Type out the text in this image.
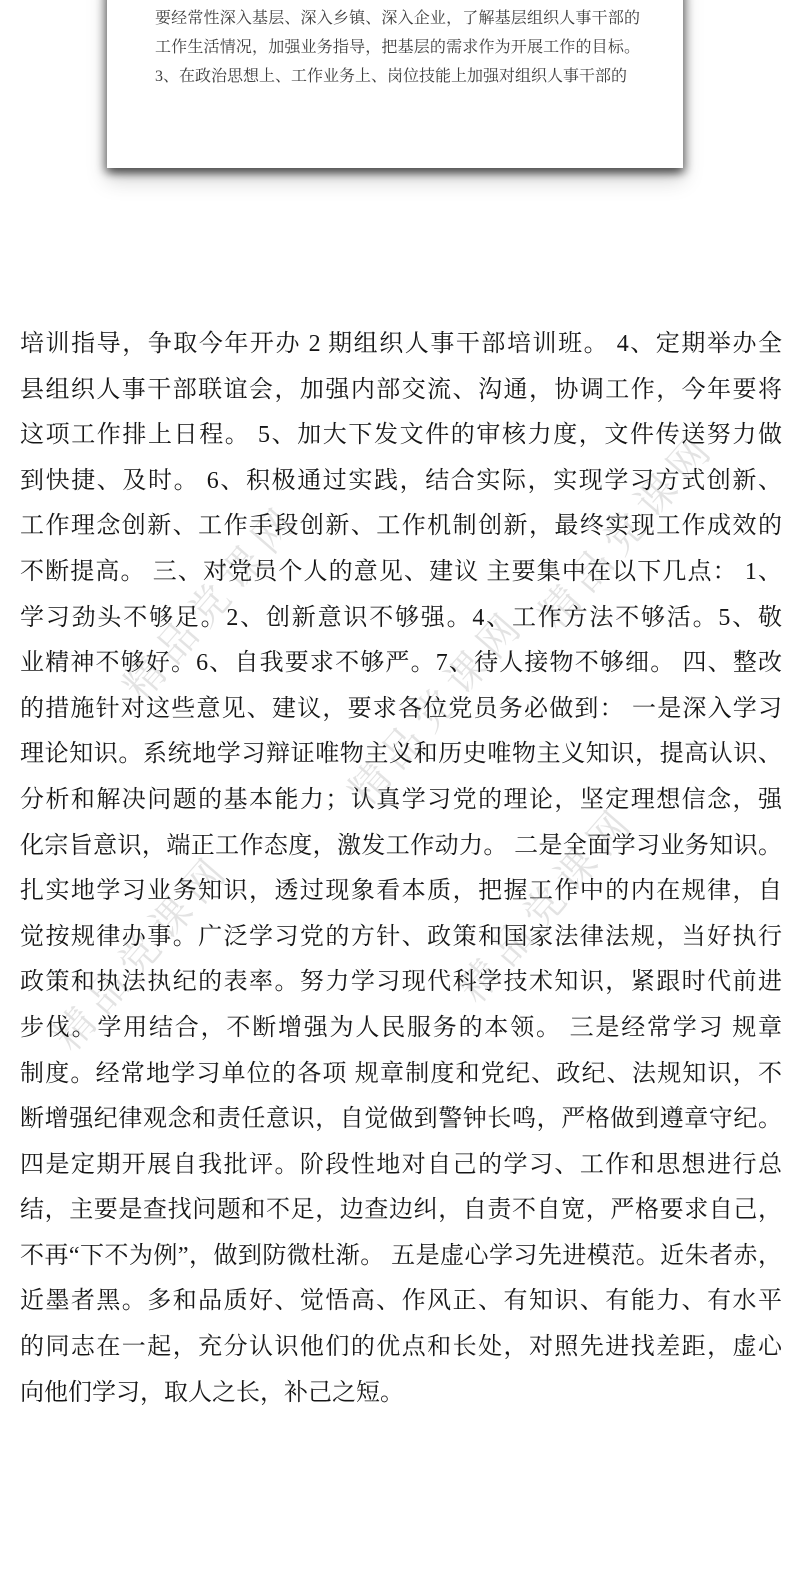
精品党课网 精品党课网
精品党课网
精品党课网	精品党课网
要经常性深入基层、深入乡镇、深入企业，了解基层组织人事干部的
工作生活情况，加强业务指导，把基层的需求作为开展工作的目标。
3、在政治思想上、工作业务上、岗位技能上加强对组织人事干部的
培训指导，争取今年开办 2 期组织人事干部培训班。 4、定期举办全
县组织人事干部联谊会，加强内部交流、沟通，协调工作，今年要将
这项工作排上日程。 5、加大下发文件的审核力度，文件传送努力做
到快捷、及时。 6、积极通过实践，结合实际，实现学习方式创新、
工作理念创新、工作手段创新、工作机制创新，最终实现工作成效的
不断提高。 三、对党员个人的意见、建议 主要集中在以下几点： 1、
学习劲头不够足。2、创新意识不够强。4、工作方法不够活。5、敬
业精神不够好。6、自我要求不够严。7、待人接物不够细。 四、整改
的措施针对这些意见、建议，要求各位党员务必做到： 一是深入学习
理论知识。系统地学习辩证唯物主义和历史唯物主义知识，提高认识、
分析和解决问题的基本能力；认真学习党的理论，坚定理想信念，强
化宗旨意识，端正工作态度，激发工作动力。 二是全面学习业务知识。
扎实地学习业务知识，透过现象看本质，把握工作中的内在规律，自
觉按规律办事。广泛学习党的方针、政策和国家法律法规，当好执行
政策和执法执纪的表率。努力学习现代科学技术知识，紧跟时代前进
步伐。学用结合，不断增强为人民服务的本领。 三是经常学习 规章
制度。经常地学习单位的各项 规章制度和党纪、政纪、法规知识，不
断增强纪律观念和责任意识，自觉做到警钟长鸣，严格做到遵章守纪。
四是定期开展自我批评。阶段性地对自己的学习、工作和思想进行总
结，主要是查找问题和不足，边查边纠，自责不自宽，严格要求自己，
不再“下不为例”，做到防微杜渐。 五是虚心学习先进模范。近朱者赤，
近墨者黑。多和品质好、觉悟高、作风正、有知识、有能力、有水平
的同志在一起，充分认识他们的优点和长处，对照先进找差距，虚心
向他们学习，取人之长，补己之短。
